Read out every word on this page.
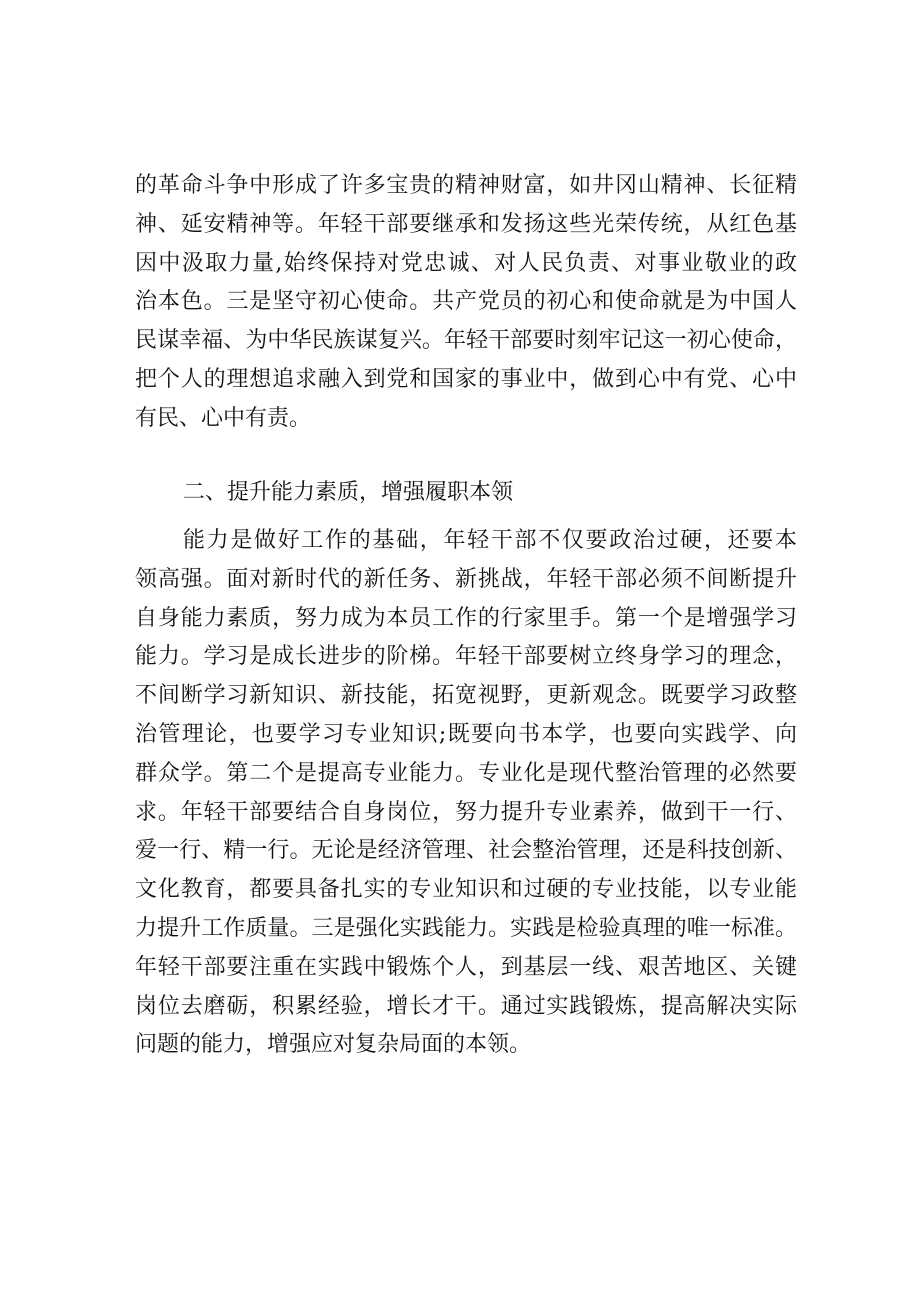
的革命斗争中形成了许多宝贵的精神财富，如井冈山精神、长征精
神、延安精神等。年轻干部要继承和发扬这些光荣传统，从红色基
因中汲取力量,始终保持对党忠诚、对人民负责、对事业敬业的政
治本色。三是坚守初心使命。共产党员的初心和使命就是为中国人
民谋幸福、为中华民族谋复兴。年轻干部要时刻牢记这一初心使命，
把个人的理想追求融入到党和国家的事业中，做到心中有党、心中
有民、心中有责。
二、提升能力素质，增强履职本领
能力是做好工作的基础，年轻干部不仅要政治过硬，还要本
领高强。面对新时代的新任务、新挑战，年轻干部必须不间断提升
自身能力素质，努力成为本员工作的行家里手。第一个是增强学习
能力。学习是成长进步的阶梯。年轻干部要树立终身学习的理念，
不间断学习新知识、新技能，拓宽视野，更新观念。既要学习政整
治管理论，也要学习专业知识;既要向书本学，也要向实践学、向
群众学。第二个是提高专业能力。专业化是现代整治管理的必然要
求。年轻干部要结合自身岗位，努力提升专业素养，做到干一行、
爱一行、精一行。无论是经济管理、社会整治管理，还是科技创新、
文化教育，都要具备扎实的专业知识和过硬的专业技能，以专业能
力提升工作质量。三是强化实践能力。实践是检验真理的唯一标准。
年轻干部要注重在实践中锻炼个人，到基层一线、艰苦地区、关键
岗位去磨砺，积累经验，增长才干。通过实践锻炼，提高解决实际
问题的能力，增强应对复杂局面的本领。
